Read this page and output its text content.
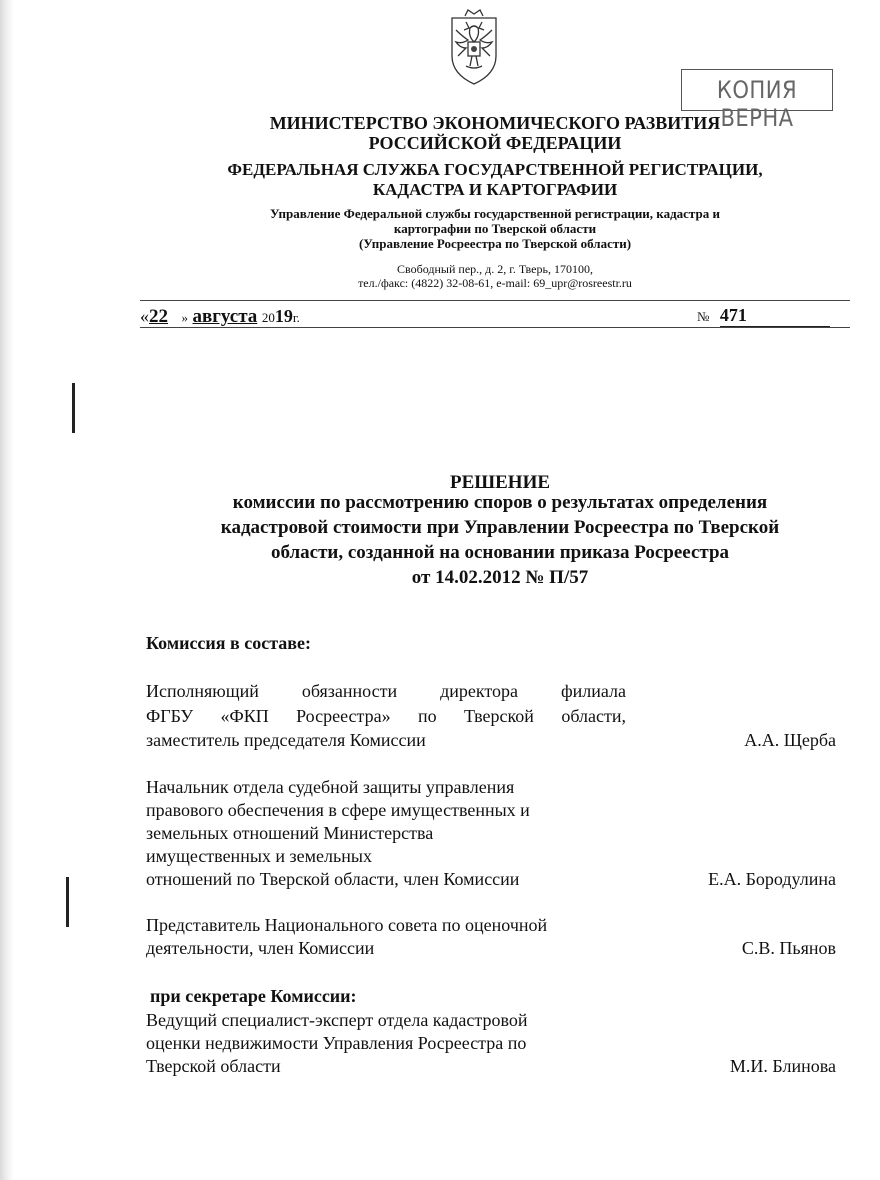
КОПИЯ ВЕРНА
МИНИСТЕРСТВО ЭКОНОМИЧЕСКОГО РАЗВИТИЯ
РОССИЙСКОЙ ФЕДЕРАЦИИ
ФЕДЕРАЛЬНАЯ СЛУЖБА ГОСУДАРСТВЕННОЙ РЕГИСТРАЦИИ,
КАДАСТРА И КАРТОГРАФИИ
Управление Федеральной службы государственной регистрации, кадастра и
картографии по Тверской области
(Управление Росреестра по Тверской области)
Свободный пер., д. 2, г. Тверь, 170100,
тел./факс: (4822) 32-08-61, e-mail: 69_upr@rosreestr.ru
«22 » августа 2019г.	№ 471
РЕШЕНИЕ
комиссии по рассмотрению споров о результатах определения
кадастровой стоимости при Управлении Росреестра по Тверской
области, созданной на основании приказа Росреестра
от 14.02.2012 № П/57
Комиссия в составе:
Исполняющий обязанности директора филиала
ФГБУ «ФКП Росреестра» по Тверской области,
заместитель председателя Комиссии	А.А. Щерба
Начальник отдела судебной защиты управления
правового обеспечения в сфере имущественных и
земельных отношений Министерства
имущественных и земельных
отношений по Тверской области, член Комиссии	Е.А. Бородулина
Представитель Национального совета по оценочной
деятельности, член Комиссии	С.В. Пьянов
при секретаре Комиссии:
Ведущий специалист-эксперт отдела кадастровой
оценки недвижимости Управления Росреестра по
Тверской области	М.И. Блинова
